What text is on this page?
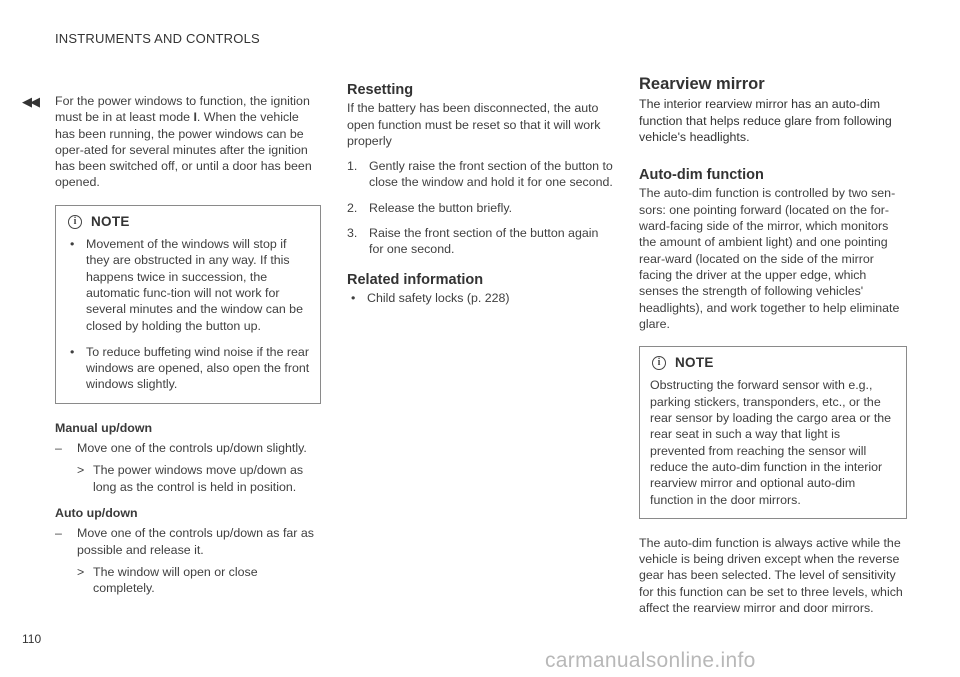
◀◀
INSTRUMENTS AND CONTROLS

For the power windows to function, the ignition must be in at least mode I. When the vehicle has been running, the power windows can be oper-ated for several minutes after the ignition has been switched off, or until a door has been opened.

i	NOTE
• Movement of the windows will stop if they are obstructed in any way. If this happens twice in succession, the automatic func-tion will not work for several minutes and the window can be closed by holding the button up.
• To reduce buffeting wind noise if the rear windows are opened, also open the front windows slightly.
Manual up/down
–	Move one of the controls up/down slightly.
> The power windows move up/down as long as the control is held in position.
Auto up/down
–	Move one of the controls up/down as far as possible and release it.
> The window will open or close completely.
Resetting

If the battery has been disconnected, the auto open function must be reset so that it will work properly

1. Gently raise the front section of the button to close the window and hold it for one second.
2. Release the button briefly.
3. Raise the front section of the button again for one second.
Related information
• Child safety locks (p. 228)
Rearview mirror

The interior rearview mirror has an auto-dim function that helps reduce glare from following vehicle's headlights.

Auto-dim function

The auto-dim function is controlled by two sen-sors: one pointing forward (located on the for-ward-facing side of the mirror, which monitors the amount of ambient light) and one pointing rear-ward (located on the side of the mirror facing the driver at the upper edge, which senses the strength of following vehicles' headlights), and work together to help eliminate glare.

i	NOTE

Obstructing the forward sensor with e.g., parking stickers, transponders, etc., or the rear sensor by loading the cargo area or the rear seat in such a way that light is prevented from reaching the sensor will reduce the auto-dim function in the interior rearview mirror and optional auto-dim function in the door mirrors.

The auto-dim function is always active while the vehicle is being driven except when the reverse gear has been selected. The level of sensitivity for this function can be set to three levels, which affect the rearview mirror and door mirrors.

110
carmanualsonline.info
